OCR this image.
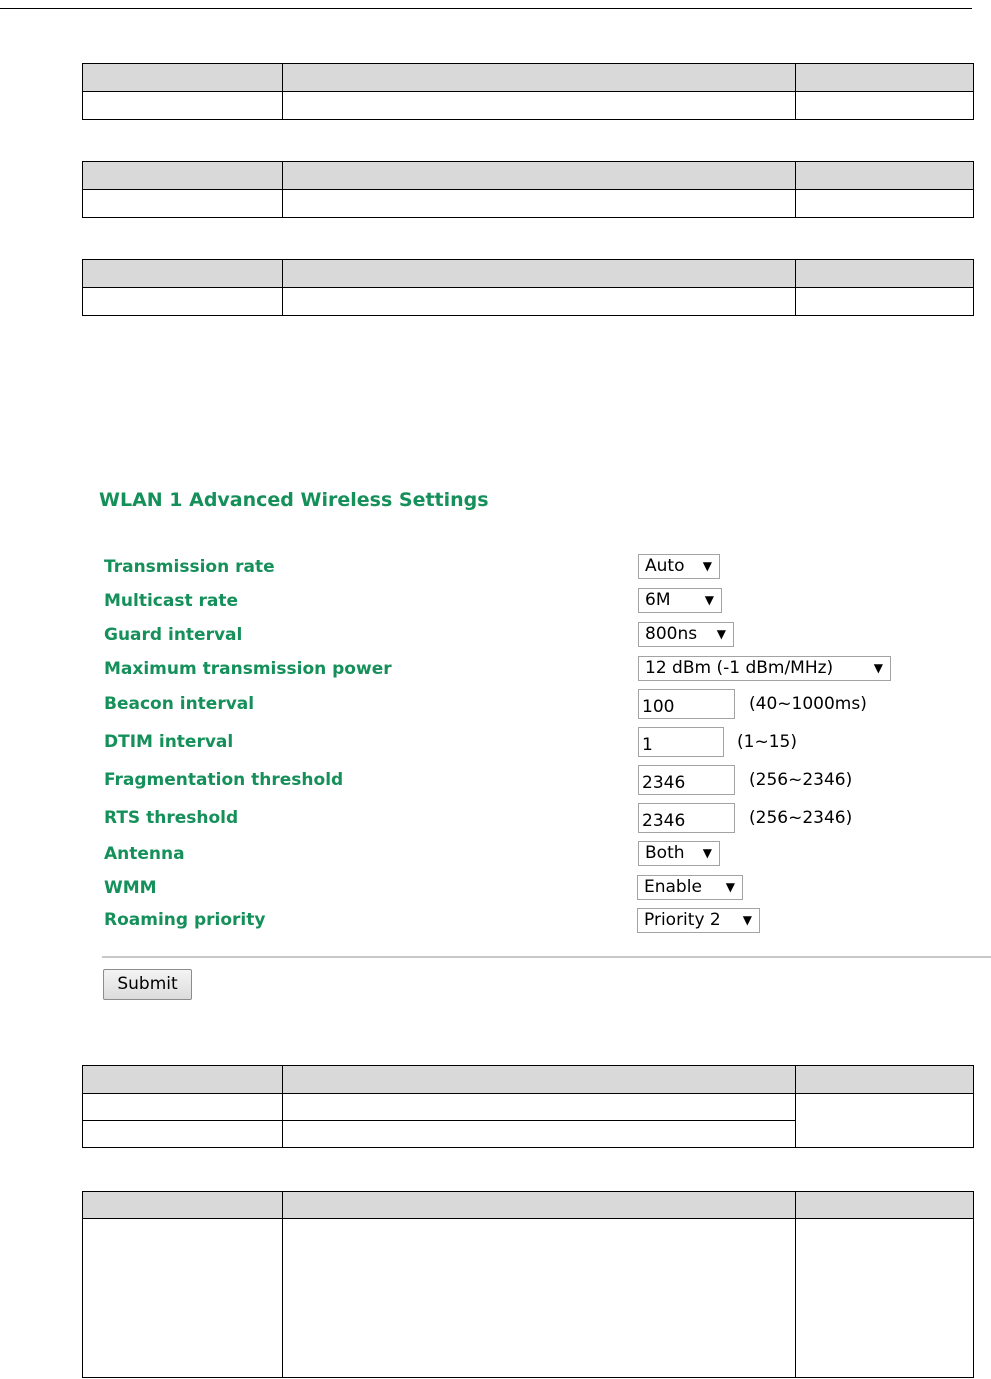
WLAN 1 Advanced Wireless Settings
Transmission rate	Auto ▼
Multicast rate	6M	▼
Guard interval	800ns ▼
Maximum transmission power	12 dBm (-1 dBm/MHz)	▼
Beacon interval	100	(40~1000ms)
DTIM interval	1	(1~15)
Fragmentation threshold	2346	(256~2346)
RTS threshold	2346	(256~2346)
Antenna	Both ▼
WMM	Enable ▼
Roaming priority	Priority 2 ▼
Submit
